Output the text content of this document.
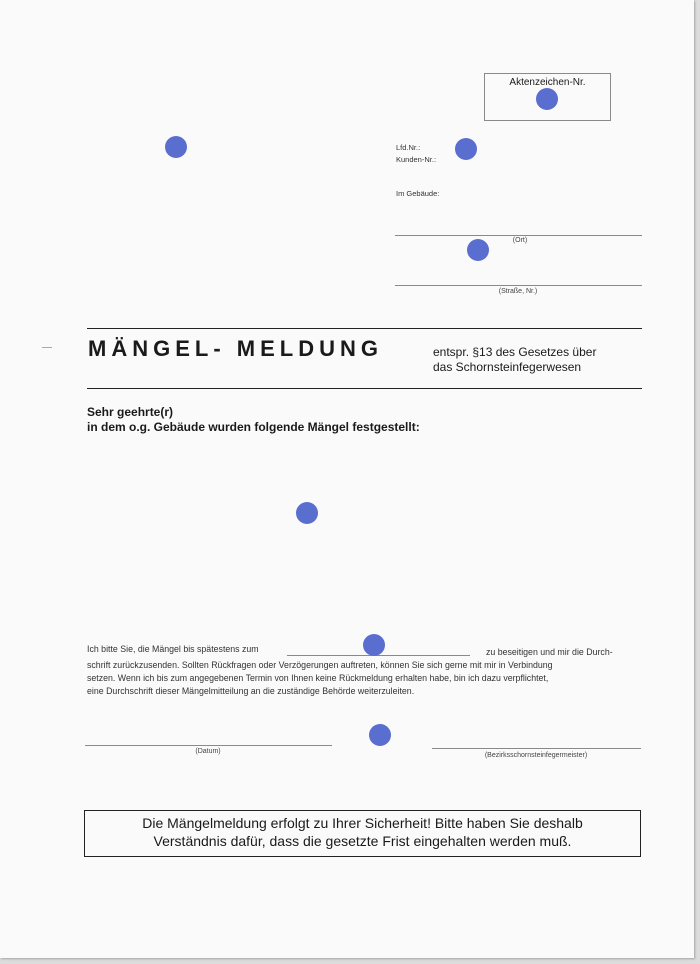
Aktenzeichen-Nr.
Lfd.Nr.:
Kunden-Nr.:
Im Gebäude:
(Ort)
(Straße, Nr.)
MÄNGEL- MELDUNG	entspr. §13 des Gesetzes über
das Schornsteinfegerwesen
Sehr geehrte(r)
in dem o.g. Gebäude wurden folgende Mängel festgestellt:
Ich bitte Sie, die Mängel bis spätestens zum	zu beseitigen und mir die Durch-
schrift zurückzusenden. Sollten Rückfragen oder Verzögerungen auftreten, können Sie sich gerne mit mir in Verbindung
setzen. Wenn ich bis zum angegebenen Termin von Ihnen keine Rückmeldung erhalten habe, bin ich dazu verpflichtet,
eine Durchschrift dieser Mängelmitteilung an die zuständige Behörde weiterzuleiten.
(Datum)
(Bezirksschornsteinfegermeister)
Die Mängelmeldung erfolgt zu Ihrer Sicherheit! Bitte haben Sie deshalb
Verständnis dafür, dass die gesetzte Frist eingehalten werden muß.
